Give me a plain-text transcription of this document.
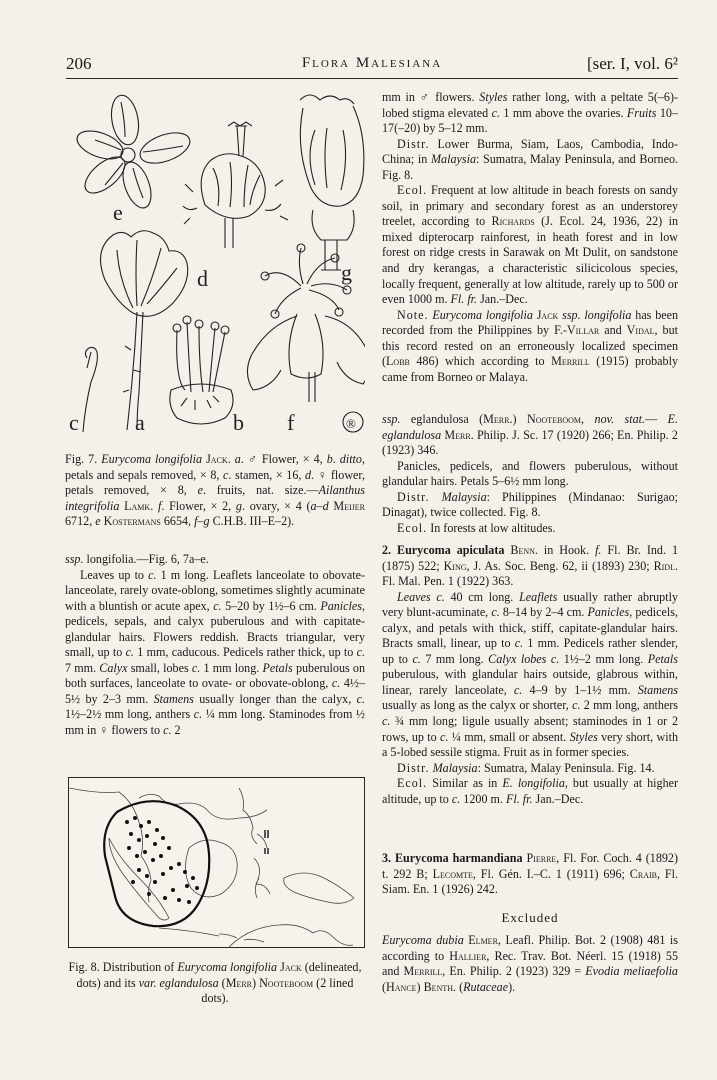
206	Flora Malesiana	[ser. I, vol. 6²
e
d	g
c	a	b f	®

Fig. 7. Eurycoma longifolia Jack. a. ♂ Flower, × 4, b. ditto, petals and sepals removed, × 8, c. stamen, × 16, d. ♀ flower, petals removed, × 8, e. fruits, nat. size.—Ailanthus integrifolia Lamk. f. Flower, × 2, g. ovary, × 4 (a–d Meijer 6712, e Kostermans 6654, f–g C.H.B. III–E–2).

ssp. longifolia.—Fig. 6, 7a–e.

Leaves up to c. 1 m long. Leaflets lanceolate to obovate-lanceolate, rarely ovate-oblong, sometimes slightly acuminate with a bluntish or acute apex, c. 5–20 by 1½–6 cm. Panicles, pedicels, sepals, and calyx puberulous and with capitate-glandular hairs. Flowers reddish. Bracts triangular, very small, up to c. 1 mm, caducous. Pedicels rather thick, up to c. 7 mm. Calyx small, lobes c. 1 mm long. Petals puberulous on both surfaces, lanceolate to ovate- or obovate-oblong, c. 4½–5½ by 2–3 mm. Stamens usually longer than the calyx, c. 1½–2½ mm long, anthers c. ¼ mm long. Staminodes from ½ mm in ♀ flowers to c. 2

Fig. 8. Distribution of Eurycoma longifolia Jack (delineated, dots) and its var. eglandulosa (Merr) Nooteboom (2 lined dots).

mm in ♂ flowers. Styles rather long, with a peltate 5(–6)-lobed stigma elevated c. 1 mm above the ovaries. Fruits 10–17(–20) by 5–12 mm.

Distr. Lower Burma, Siam, Laos, Cambodia, Indo-China; in Malaysia: Sumatra, Malay Peninsula, and Borneo. Fig. 8.

Ecol. Frequent at low altitude in beach forests on sandy soil, in primary and secondary forest as an understorey treelet, according to Richards (J. Ecol. 24, 1936, 22) in mixed dipterocarp rainforest, in heath forest and in low forest on ridge crests in Sarawak on Mt Dulit, on sandstone and dry kerangas, a characteristic silicicolous species, locally frequent, generally at low altitude, rarely up to 500 or even 1000 m. Fl. fr. Jan.–Dec.

Note. Eurycoma longifolia Jack ssp. longifolia has been recorded from the Philippines by F.-Villar and Vidal, but this record rested on an erroneously localized specimen (Lobb 486) which according to Merrill (1915) probably came from Borneo or Malaya.

ssp. eglandulosa (Merr.) Nooteboom, nov. stat.— E. eglandulosa Merr. Philip. J. Sc. 17 (1920) 266; En. Philip. 2 (1923) 346.

Panicles, pedicels, and flowers puberulous, without glandular hairs. Petals 5–6½ mm long.

Distr. Malaysia: Philippines (Mindanao: Surigao; Dinagat), twice collected. Fig. 8.

Ecol. In forests at low altitudes.

2. Eurycoma apiculata Benn. in Hook. f. Fl. Br. Ind. 1 (1875) 522; King, J. As. Soc. Beng. 62, ii (1893) 230; Ridl. Fl. Mal. Pen. 1 (1922) 363.

Leaves c. 40 cm long. Leaflets usually rather abruptly very blunt-acuminate, c. 8–14 by 2–4 cm. Panicles, pedicels, calyx, and petals with thick, stiff, capitate-glandular hairs. Bracts small, linear, up to c. 1 mm. Pedicels rather slender, up to c. 7 mm long. Calyx lobes c. 1½–2 mm long. Petals puberulous, with glandular hairs outside, glabrous within, linear, rarely lanceolate, c. 4–9 by 1–1½ mm. Stamens usually as long as the calyx or shorter, c. 2 mm long, anthers c. ¾ mm long; ligule usually absent; staminodes in 1 or 2 rows, up to c. ¼ mm, small or absent. Styles very short, with a 5-lobed sessile stigma. Fruit as in former species.

Distr. Malaysia: Sumatra, Malay Peninsula. Fig. 14.

Ecol. Similar as in E. longifolia, but usually at higher altitude, up to c. 1200 m. Fl. fr. Jan.–Dec.

3. Eurycoma harmandiana Pierre, Fl. For. Coch. 4 (1892) t. 292 B; Lecomte, Fl. Gén. I.–C. 1 (1911) 696; Craib, Fl. Siam. En. 1 (1926) 242.

Excluded

Eurycoma dubia Elmer, Leafl. Philip. Bot. 2 (1908) 481 is according to Hallier, Rec. Trav. Bot. Néerl. 15 (1918) 55 and Merrill, En. Philip. 2 (1923) 329 = Evodia meliaefolia (Hance) Benth. (Rutaceae).
